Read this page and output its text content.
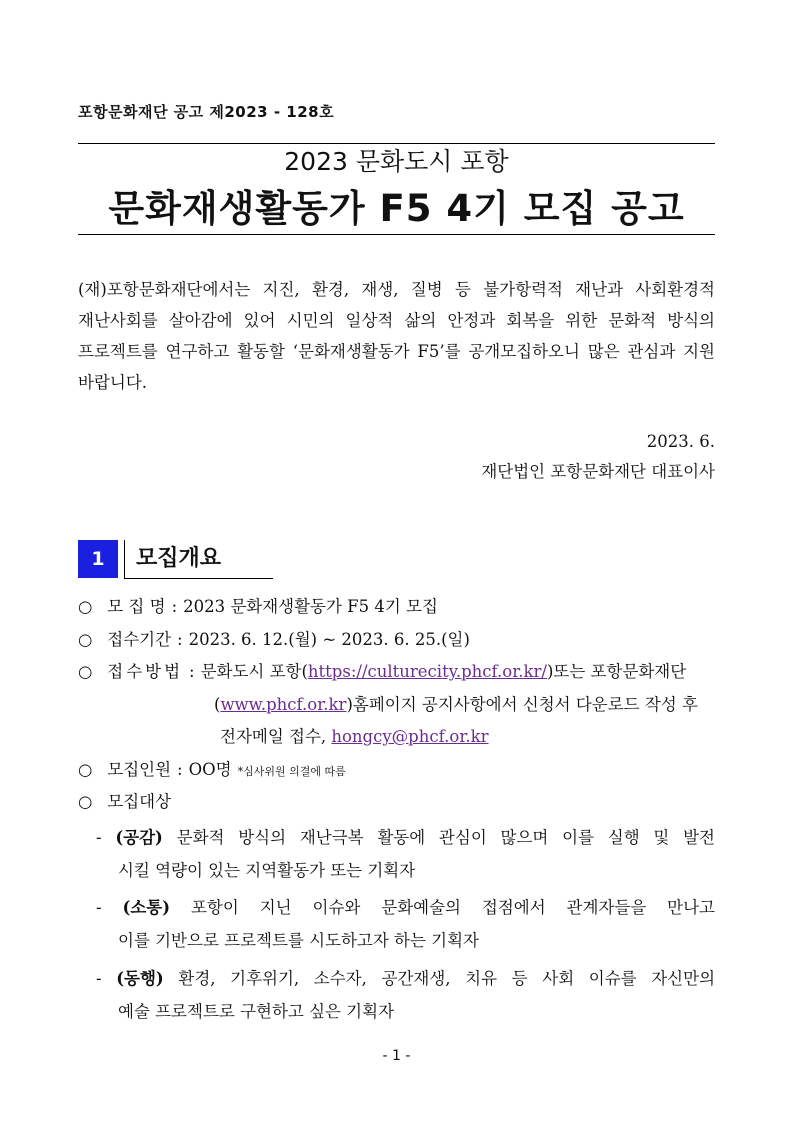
포항문화재단 공고 제2023 - 128호
2023 문화도시 포항
문화재생활동가 F5 4기 모집 공고
(재)포항문화재단에서는 지진, 환경, 재생, 질병 등 불가항력적 재난과 사회환경적 재난사회를 살아감에 있어 시민의 일상적 삶의 안정과 회복을 위한 문화적 방식의 프로젝트를 연구하고 활동할 ‘문화재생활동가 F5’를 공개모집하오니 많은 관심과 지원 바랍니다.
2023. 6.
재단법인 포항문화재단 대표이사
1	모집개요
○ 모 집 명 : 2023 문화재생활동가 F5 4기 모집
○ 접수기간 : 2023. 6. 12.(월) ~ 2023. 6. 25.(일)
○ 접수방법 : 문화도시 포항(https://culturecity.phcf.or.kr/)또는 포항문화재단
(www.phcf.or.kr)홈페이지 공지사항에서 신청서 다운로드 작성 후
전자메일 접수, hongcy@phcf.or.kr
○ 모집인원 : OO명 *심사위원 의결에 따름
○ 모집대상
- (공감) 문화적 방식의 재난극복 활동에 관심이 많으며 이를 실행 및 발전
시킬 역량이 있는 지역활동가 또는 기획자
- (소통) 포항이 지닌 이슈와 문화예술의 접점에서 관계자들을 만나고
이를 기반으로 프로젝트를 시도하고자 하는 기획자
- (동행) 환경, 기후위기, 소수자, 공간재생, 치유 등 사회 이슈를 자신만의
예술 프로젝트로 구현하고 싶은 기획자
- 1 -
